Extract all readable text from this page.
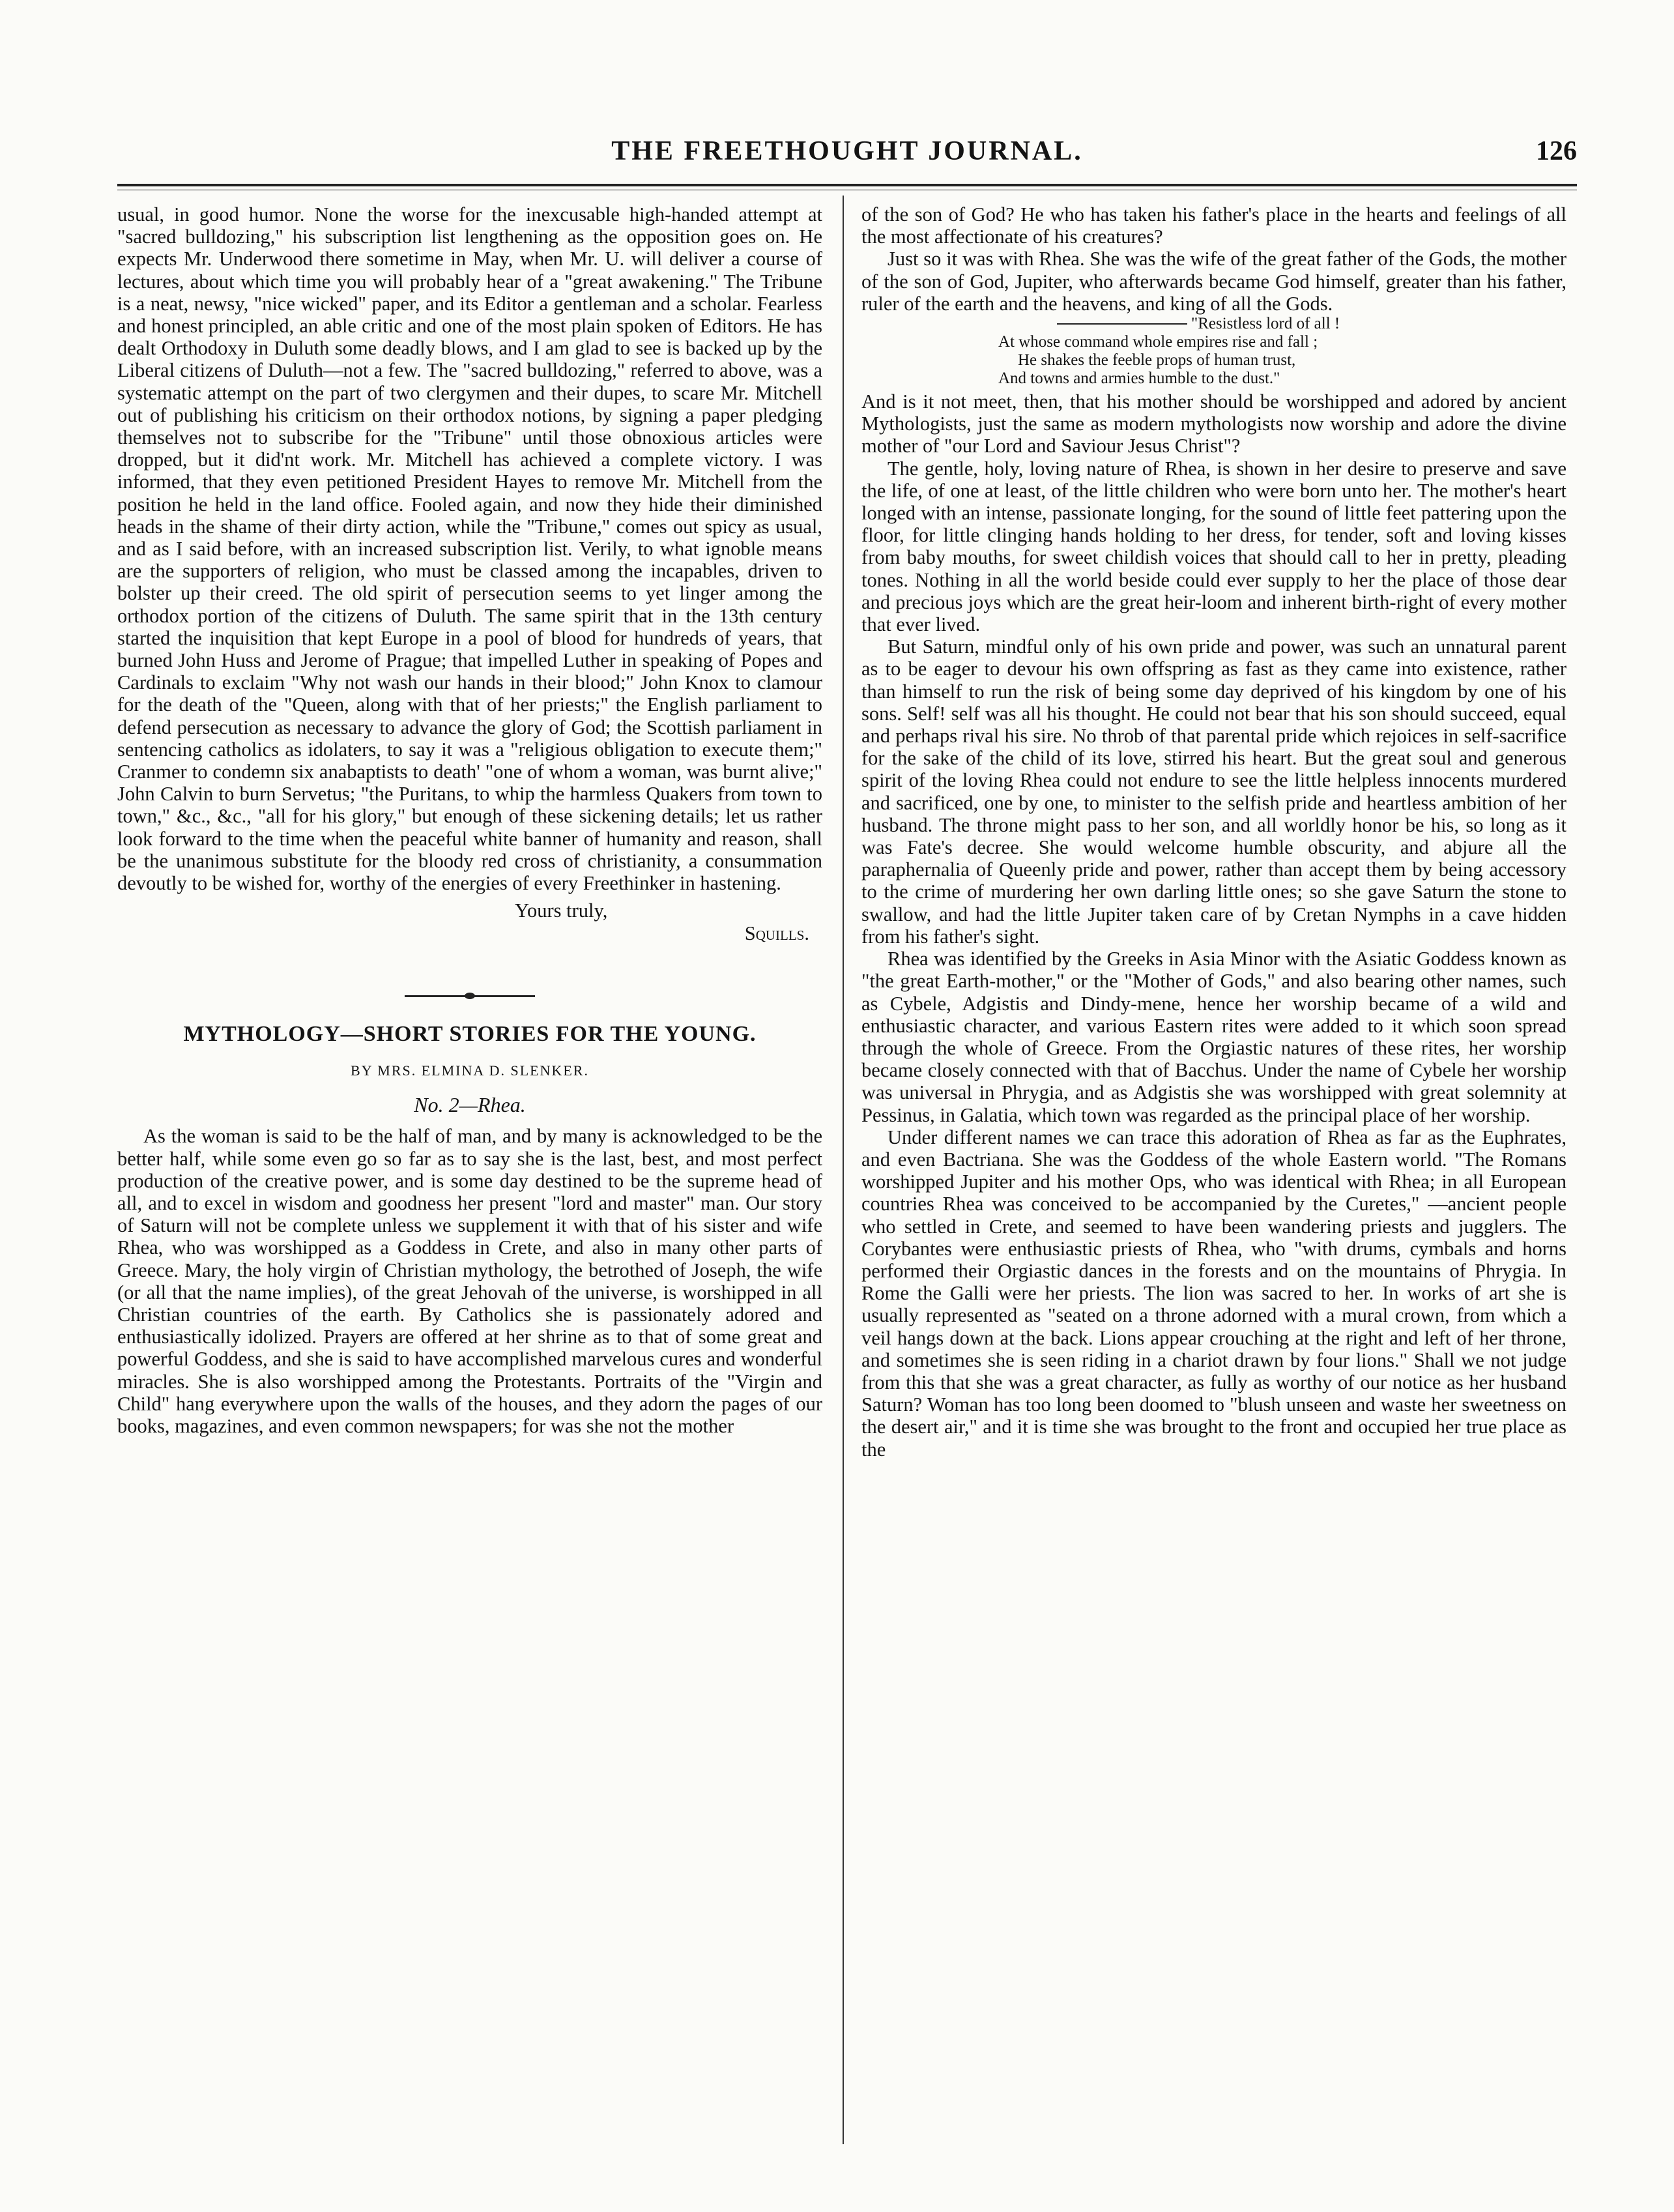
THE FREETHOUGHT JOURNAL.	126

usual, in good humor. None the worse for the inexcusable high-handed attempt at "sacred bulldozing," his subscription list lengthening as the opposition goes on. He expects Mr. Underwood there sometime in May, when Mr. U. will deliver a course of lectures, about which time you will probably hear of a "great awakening." The Tribune is a neat, newsy, "nice wicked" paper, and its Editor a gentleman and a scholar. Fearless and honest principled, an able critic and one of the most plain spoken of Editors. He has dealt Orthodoxy in Duluth some deadly blows, and I am glad to see is backed up by the Liberal citizens of Duluth—not a few. The "sacred bulldozing," referred to above, was a systematic attempt on the part of two clergymen and their dupes, to scare Mr. Mitchell out of publishing his criticism on their orthodox notions, by signing a paper pledging themselves not to subscribe for the "Tribune" until those obnoxious articles were dropped, but it did'nt work. Mr. Mitchell has achieved a complete victory. I was informed, that they even petitioned President Hayes to remove Mr. Mitchell from the position he held in the land office. Fooled again, and now they hide their diminished heads in the shame of their dirty action, while the "Tribune," comes out spicy as usual, and as I said before, with an increased subscription list. Verily, to what ignoble means are the supporters of religion, who must be classed among the incapables, driven to bolster up their creed. The old spirit of persecution seems to yet linger among the orthodox portion of the citizens of Duluth. The same spirit that in the 13th century started the inquisition that kept Europe in a pool of blood for hundreds of years, that burned John Huss and Jerome of Prague; that impelled Luther in speaking of Popes and Cardinals to exclaim "Why not wash our hands in their blood;" John Knox to clamour for the death of the "Queen, along with that of her priests;" the English parliament to defend persecution as necessary to advance the glory of God; the Scottish parliament in sentencing catholics as idolaters, to say it was a "religious obligation to execute them;" Cranmer to condemn six anabaptists to death' "one of whom a woman, was burnt alive;" John Calvin to burn Servetus; "the Puritans, to whip the harmless Quakers from town to town," &c., &c., "all for his glory," but enough of these sickening details; let us rather look forward to the time when the peaceful white banner of humanity and reason, shall be the unanimous substitute for the bloody red cross of christianity, a consummation devoutly to be wished for, worthy of the energies of every Freethinker in hastening.

Yours truly,
Squills.
MYTHOLOGY—SHORT STORIES FOR THE YOUNG.
BY MRS. ELMINA D. SLENKER.
No. 2—Rhea.

As the woman is said to be the half of man, and by many is acknowledged to be the better half, while some even go so far as to say she is the last, best, and most perfect production of the creative power, and is some day destined to be the supreme head of all, and to excel in wisdom and goodness her present "lord and master" man. Our story of Saturn will not be complete unless we supplement it with that of his sister and wife Rhea, who was worshipped as a Goddess in Crete, and also in many other parts of Greece. Mary, the holy virgin of Christian mythology, the betrothed of Joseph, the wife (or all that the name implies), of the great Jehovah of the universe, is worshipped in all Christian countries of the earth. By Catholics she is passionately adored and enthusiastically idolized. Prayers are offered at her shrine as to that of some great and powerful Goddess, and she is said to have accomplished marvelous cures and wonderful miracles. She is also worshipped among the Protestants. Portraits of the "Virgin and Child" hang everywhere upon the walls of the houses, and they adorn the pages of our books, magazines, and even common newspapers; for was she not the mother

of the son of God? He who has taken his father's place in the hearts and feelings of all the most affectionate of his creatures?

Just so it was with Rhea. She was the wife of the great father of the Gods, the mother of the son of God, Jupiter, who afterwards became God himself, greater than his father, ruler of the earth and the heavens, and king of all the Gods.

"Resistless lord of all !
At whose command whole empires rise and fall ;
He shakes the feeble props of human trust,
And towns and armies humble to the dust."

And is it not meet, then, that his mother should be worshipped and adored by ancient Mythologists, just the same as modern mythologists now worship and adore the divine mother of "our Lord and Saviour Jesus Christ"?

The gentle, holy, loving nature of Rhea, is shown in her desire to preserve and save the life, of one at least, of the little children who were born unto her. The mother's heart longed with an intense, passionate longing, for the sound of little feet pattering upon the floor, for little clinging hands holding to her dress, for tender, soft and loving kisses from baby mouths, for sweet childish voices that should call to her in pretty, pleading tones. Nothing in all the world beside could ever supply to her the place of those dear and precious joys which are the great heir-loom and inherent birth-right of every mother that ever lived.

But Saturn, mindful only of his own pride and power, was such an unnatural parent as to be eager to devour his own offspring as fast as they came into existence, rather than himself to run the risk of being some day deprived of his kingdom by one of his sons. Self! self was all his thought. He could not bear that his son should succeed, equal and perhaps rival his sire. No throb of that parental pride which rejoices in self-sacrifice for the sake of the child of its love, stirred his heart. But the great soul and generous spirit of the loving Rhea could not endure to see the little helpless innocents murdered and sacrificed, one by one, to minister to the selfish pride and heartless ambition of her husband. The throne might pass to her son, and all worldly honor be his, so long as it was Fate's decree. She would welcome humble obscurity, and abjure all the paraphernalia of Queenly pride and power, rather than accept them by being accessory to the crime of murdering her own darling little ones; so she gave Saturn the stone to swallow, and had the little Jupiter taken care of by Cretan Nymphs in a cave hidden from his father's sight.

Rhea was identified by the Greeks in Asia Minor with the Asiatic Goddess known as "the great Earth-mother," or the "Mother of Gods," and also bearing other names, such as Cybele, Adgistis and Dindy-mene, hence her worship became of a wild and enthusiastic character, and various Eastern rites were added to it which soon spread through the whole of Greece. From the Orgiastic natures of these rites, her worship became closely connected with that of Bacchus. Under the name of Cybele her worship was universal in Phrygia, and as Adgistis she was worshipped with great solemnity at Pessinus, in Galatia, which town was regarded as the principal place of her worship.

Under different names we can trace this adoration of Rhea as far as the Euphrates, and even Bactriana. She was the Goddess of the whole Eastern world. "The Romans worshipped Jupiter and his mother Ops, who was identical with Rhea; in all European countries Rhea was conceived to be accompanied by the Curetes," —ancient people who settled in Crete, and seemed to have been wandering priests and jugglers. The Corybantes were enthusiastic priests of Rhea, who "with drums, cymbals and horns performed their Orgiastic dances in the forests and on the mountains of Phrygia. In Rome the Galli were her priests. The lion was sacred to her. In works of art she is usually represented as "seated on a throne adorned with a mural crown, from which a veil hangs down at the back. Lions appear crouching at the right and left of her throne, and sometimes she is seen riding in a chariot drawn by four lions." Shall we not judge from this that she was a great character, as fully as worthy of our notice as her husband Saturn? Woman has too long been doomed to "blush unseen and waste her sweetness on the desert air," and it is time she was brought to the front and occupied her true place as the
